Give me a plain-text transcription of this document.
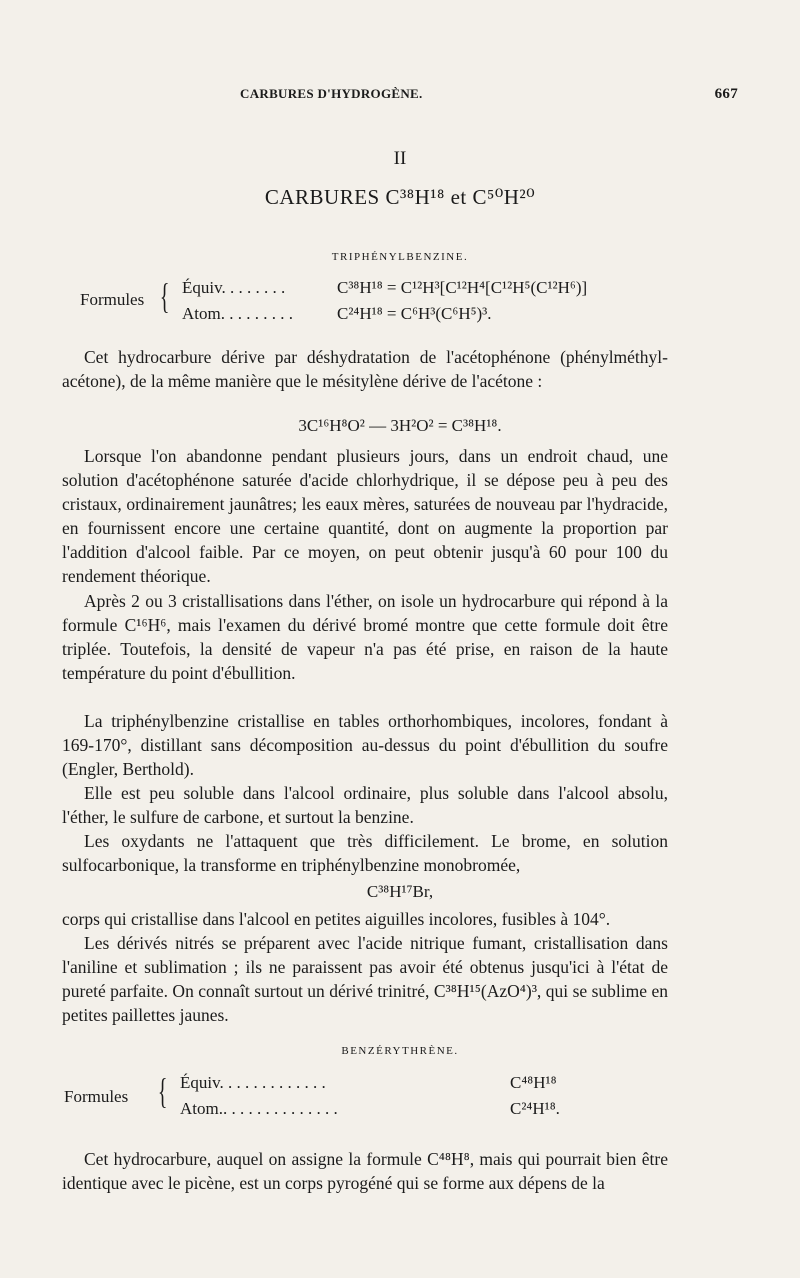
CARBURES D'HYDROGÈNE.	667
II
CARBURES C³⁸H¹⁸ et C⁵⁰H²⁰
TRIPHÉNYLBENZINE.
Formules { Équiv. . . . . . . .	C³⁸H¹⁸ = C¹²H³[C¹²H⁴[C¹²H⁵(C¹²H⁶)]
Atom. . . . . . . . .	C²⁴H¹⁸ = C⁶H³(C⁶H⁵)³.

Cet hydrocarbure dérive par déshydratation de l'acétophénone (phénylméthyl-acétone), de la même manière que le mésitylène dérive de l'acétone :

3C¹⁶H⁸O² — 3H²O² = C³⁸H¹⁸.

Lorsque l'on abandonne pendant plusieurs jours, dans un endroit chaud, une solution d'acétophénone saturée d'acide chlorhydrique, il se dépose peu à peu des cristaux, ordinairement jaunâtres; les eaux mères, saturées de nouveau par l'hydracide, en fournissent encore une certaine quantité, dont on augmente la proportion par l'addition d'alcool faible. Par ce moyen, on peut obtenir jusqu'à 60 pour 100 du rendement théorique.

Après 2 ou 3 cristallisations dans l'éther, on isole un hydrocarbure qui répond à la formule C¹⁶H⁶, mais l'examen du dérivé bromé montre que cette formule doit être triplée. Toutefois, la densité de vapeur n'a pas été prise, en raison de la haute température du point d'ébullition.

La triphénylbenzine cristallise en tables orthorhombiques, incolores, fondant à 169-170°, distillant sans décomposition au-dessus du point d'ébullition du soufre (Engler, Berthold).

Elle est peu soluble dans l'alcool ordinaire, plus soluble dans l'alcool absolu, l'éther, le sulfure de carbone, et surtout la benzine.

Les oxydants ne l'attaquent que très difficilement. Le brome, en solution sulfocarbonique, la transforme en triphénylbenzine monobromée,

C³⁸H¹⁷Br,

corps qui cristallise dans l'alcool en petites aiguilles incolores, fusibles à 104°.

Les dérivés nitrés se préparent avec l'acide nitrique fumant, cristallisation dans l'aniline et sublimation ; ils ne paraissent pas avoir été obtenus jusqu'ici à l'état de pureté parfaite. On connaît surtout un dérivé trinitré, C³⁸H¹⁵(AzO⁴)³, qui se sublime en petites paillettes jaunes.

BENZÉRYTHRÈNE.
Formules { Équiv. . . . . . . . . . . . .	C⁴⁸H¹⁸
Atom.. . . . . . . . . . . . . .	C²⁴H¹⁸.

Cet hydrocarbure, auquel on assigne la formule C⁴⁸H⁸, mais qui pourrait bien être identique avec le picène, est un corps pyrogéné qui se forme aux dépens de la
